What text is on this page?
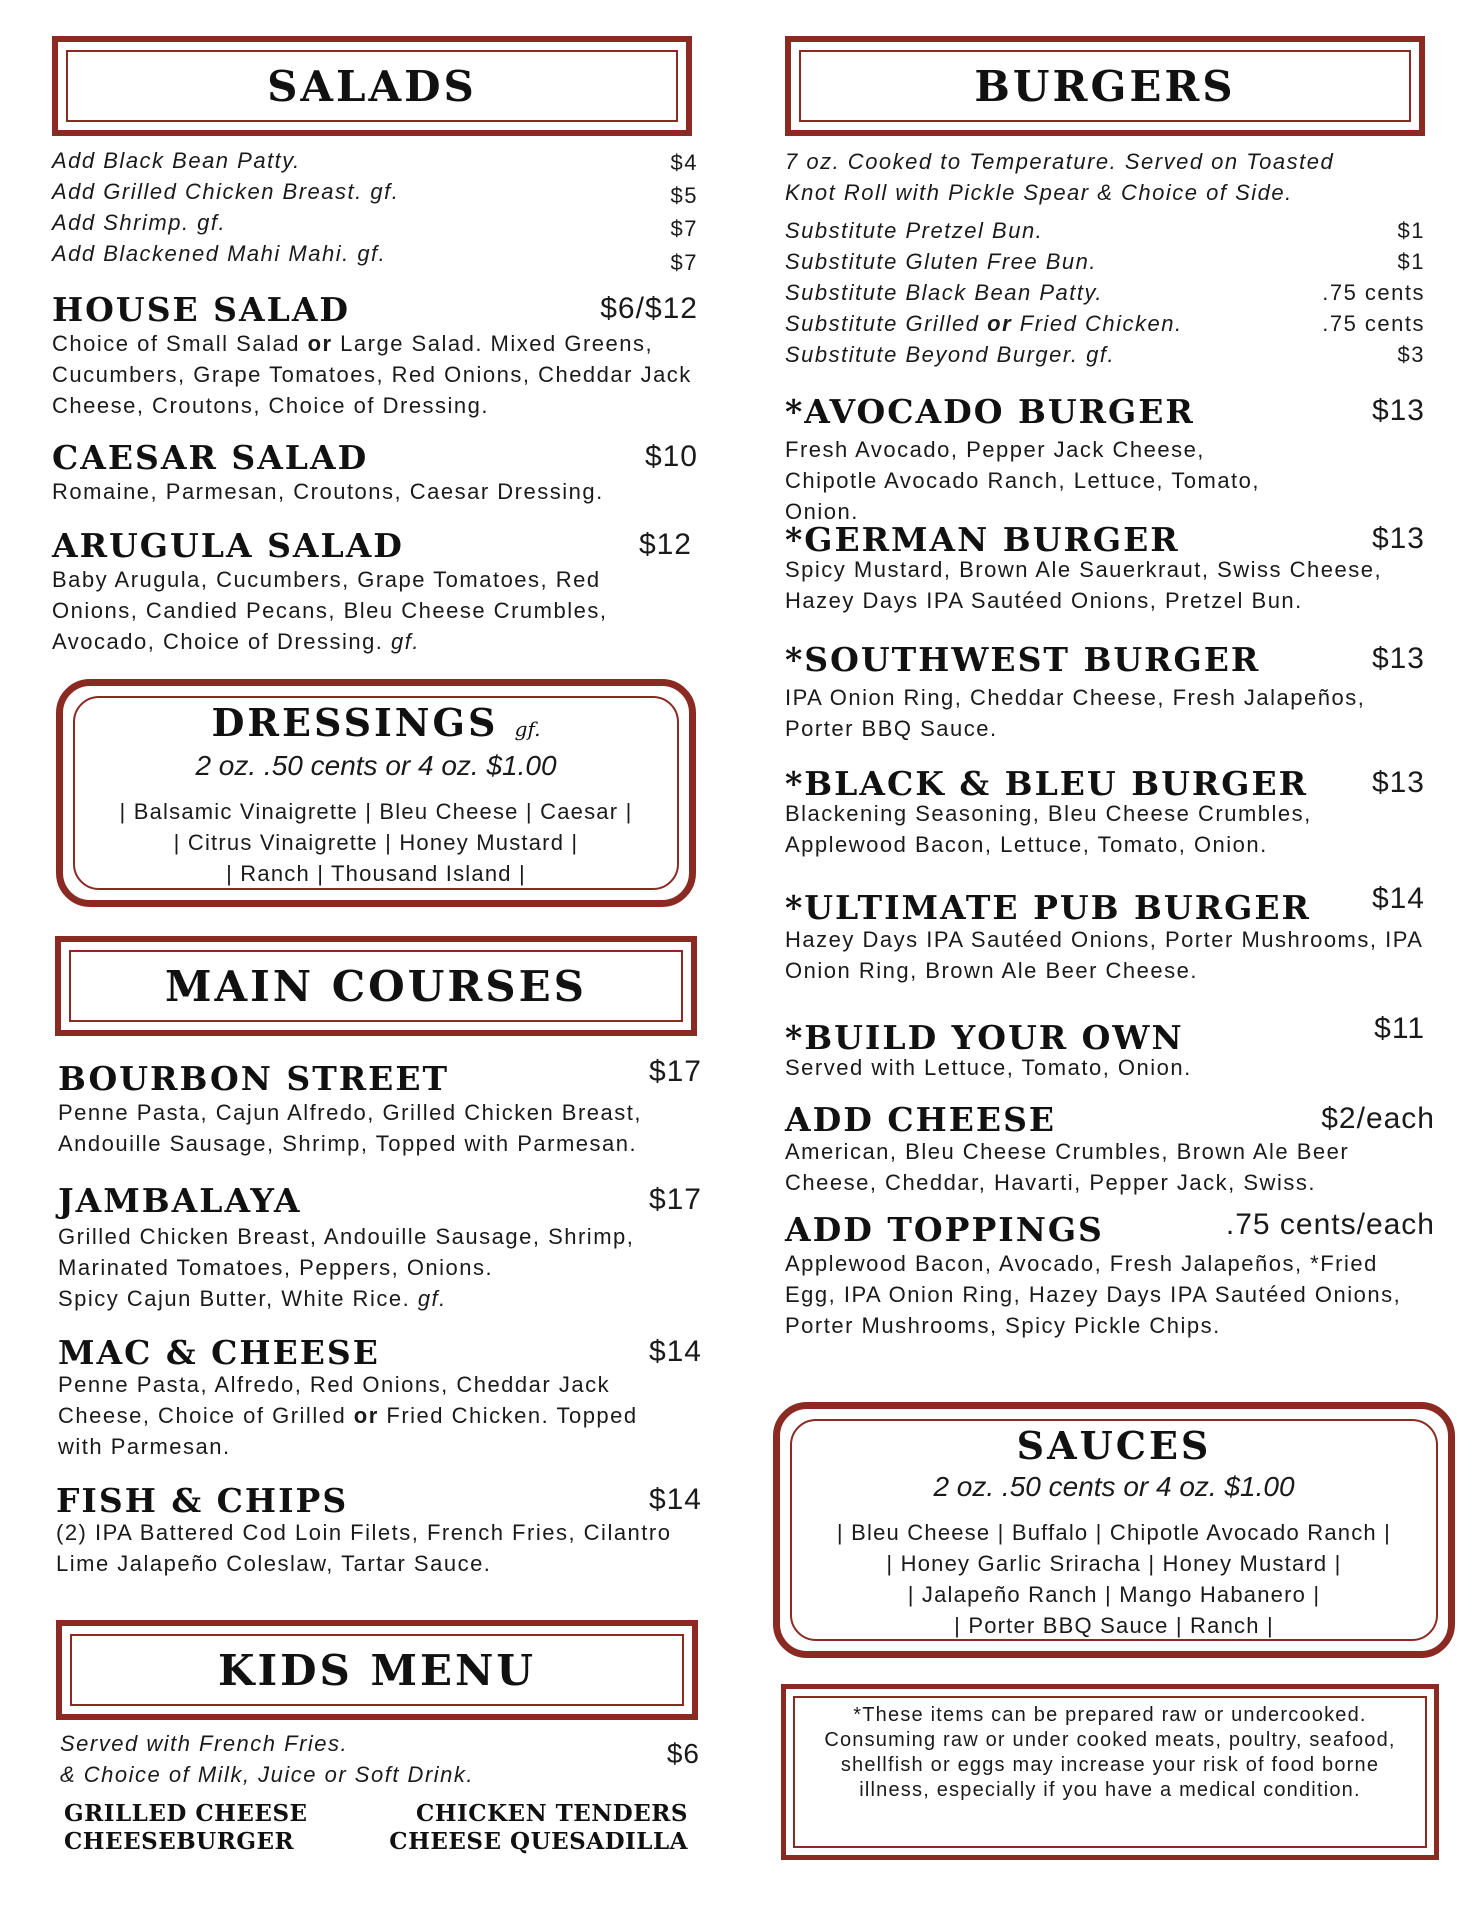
SALADS
Add Black Bean Patty.	$4
Add Grilled Chicken Breast. gf.	$5
Add Shrimp. gf.	$7
Add Blackened Mahi Mahi. gf.	$7
HOUSE SALAD	$6/$12
Choice of Small Salad or Large Salad. Mixed Greens, Cucumbers, Grape Tomatoes, Red Onions, Cheddar Jack Cheese, Croutons, Choice of Dressing.
CAESAR SALAD	$10
Romaine, Parmesan, Croutons, Caesar Dressing.
ARUGULA SALAD	$12
Baby Arugula, Cucumbers, Grape Tomatoes, Red Onions, Candied Pecans, Bleu Cheese Crumbles, Avocado, Choice of Dressing. gf.
DRESSINGS gf.
2 oz. .50 cents or 4 oz. $1.00
| Balsamic Vinaigrette | Bleu Cheese | Caesar |
| Citrus Vinaigrette | Honey Mustard |
| Ranch | Thousand Island |
MAIN COURSES
BOURBON STREET	$17
Penne Pasta, Cajun Alfredo, Grilled Chicken Breast, Andouille Sausage, Shrimp, Topped with Parmesan.
JAMBALAYA	$17
Grilled Chicken Breast, Andouille Sausage, Shrimp, Marinated Tomatoes, Peppers, Onions.
Spicy Cajun Butter, White Rice. gf.
MAC & CHEESE	$14
Penne Pasta, Alfredo, Red Onions, Cheddar Jack Cheese, Choice of Grilled or Fried Chicken. Topped with Parmesan.
FISH & CHIPS	$14
(2) IPA Battered Cod Loin Filets, French Fries, Cilantro Lime Jalapeño Coleslaw, Tartar Sauce.
KIDS MENU
Served with French Fries.
& Choice of Milk, Juice or Soft Drink.
$6
GRILLED CHEESE	CHICKEN TENDERS
CHEESEBURGER	CHEESE QUESADILLA
BURGERS
7 oz. Cooked to Temperature. Served on Toasted Knot Roll with Pickle Spear & Choice of Side.
Substitute Pretzel Bun.	$1
Substitute Gluten Free Bun.	$1
Substitute Black Bean Patty.	.75 cents
Substitute Grilled or Fried Chicken.	.75 cents
Substitute Beyond Burger. gf.	$3
*AVOCADO BURGER	$13
Fresh Avocado, Pepper Jack Cheese, Chipotle Avocado Ranch, Lettuce, Tomato, Onion.
*GERMAN BURGER	$13
Spicy Mustard, Brown Ale Sauerkraut, Swiss Cheese, Hazey Days IPA Sautéed Onions, Pretzel Bun.
*SOUTHWEST BURGER	$13
IPA Onion Ring, Cheddar Cheese, Fresh Jalapeños, Porter BBQ Sauce.
*BLACK & BLEU BURGER $13
Blackening Seasoning, Bleu Cheese Crumbles, Applewood Bacon, Lettuce, Tomato, Onion.
*ULTIMATE PUB BURGER $14
Hazey Days IPA Sautéed Onions, Porter Mushrooms, IPA Onion Ring, Brown Ale Beer Cheese.
*BUILD YOUR OWN	$11
Served with Lettuce, Tomato, Onion.
ADD CHEESE	$2/each
American, Bleu Cheese Crumbles, Brown Ale Beer Cheese, Cheddar, Havarti, Pepper Jack, Swiss.
ADD TOPPINGS	.75 cents/each
Applewood Bacon, Avocado, Fresh Jalapeños, *Fried Egg, IPA Onion Ring, Hazey Days IPA Sautéed Onions, Porter Mushrooms, Spicy Pickle Chips.
SAUCES
2 oz. .50 cents or 4 oz. $1.00
| Bleu Cheese | Buffalo | Chipotle Avocado Ranch |
| Honey Garlic Sriracha | Honey Mustard |
| Jalapeño Ranch | Mango Habanero |
| Porter BBQ Sauce | Ranch |
*These items can be prepared raw or undercooked. Consuming raw or under cooked meats, poultry, seafood, shellfish or eggs may increase your risk of food borne illness, especially if you have a medical condition.
